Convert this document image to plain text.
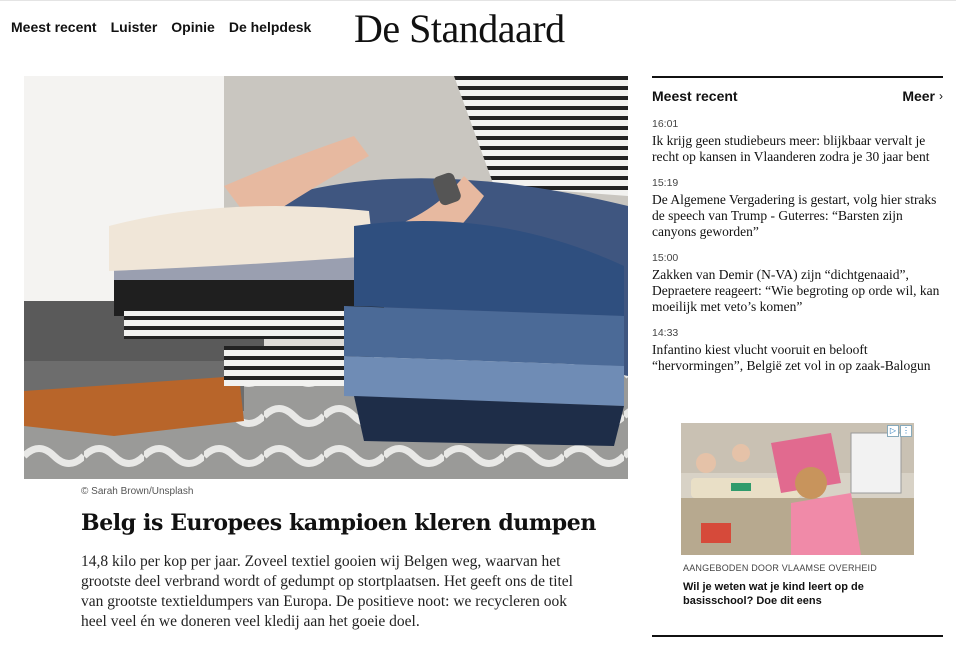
Meest recent Luister Opinie De helpdesk De Standaard
© Sarah Brown/Unsplash
Belg is Europees kampioen kleren dumpen

14,8 kilo per kop per jaar. Zoveel textiel gooien wij Belgen weg, waarvan het grootste deel verbrand wordt of gedumpt op stortplaatsen. Het geeft ons de titel van grootste textieldumpers van Europa. De positieve noot: we recycleren ook heel veel én we doneren veel kledij aan het goeie doel.

Meest recent	Meer ›
16:01
Ik krijg geen studiebeurs meer: blijkbaar vervalt je recht op kansen in Vlaanderen zodra je 30 jaar bent
15:19
De Algemene Vergadering is gestart, volg hier straks de speech van Trump - Guterres: “Barsten zijn canyons geworden”
15:00
Zakken van Demir (N-VA) zijn “dichtgenaaid”, Depraetere reageert: “Wie begroting op orde wil, kan moeilijk met veto’s komen”
14:33
Infantino kiest vlucht vooruit en belooft “hervormingen”, België zet vol in op zaak-Balogun
▷ ⋮
AANGEBODEN DOOR VLAAMSE OVERHEID
Wil je weten wat je kind leert op de basisschool? Doe dit eens
